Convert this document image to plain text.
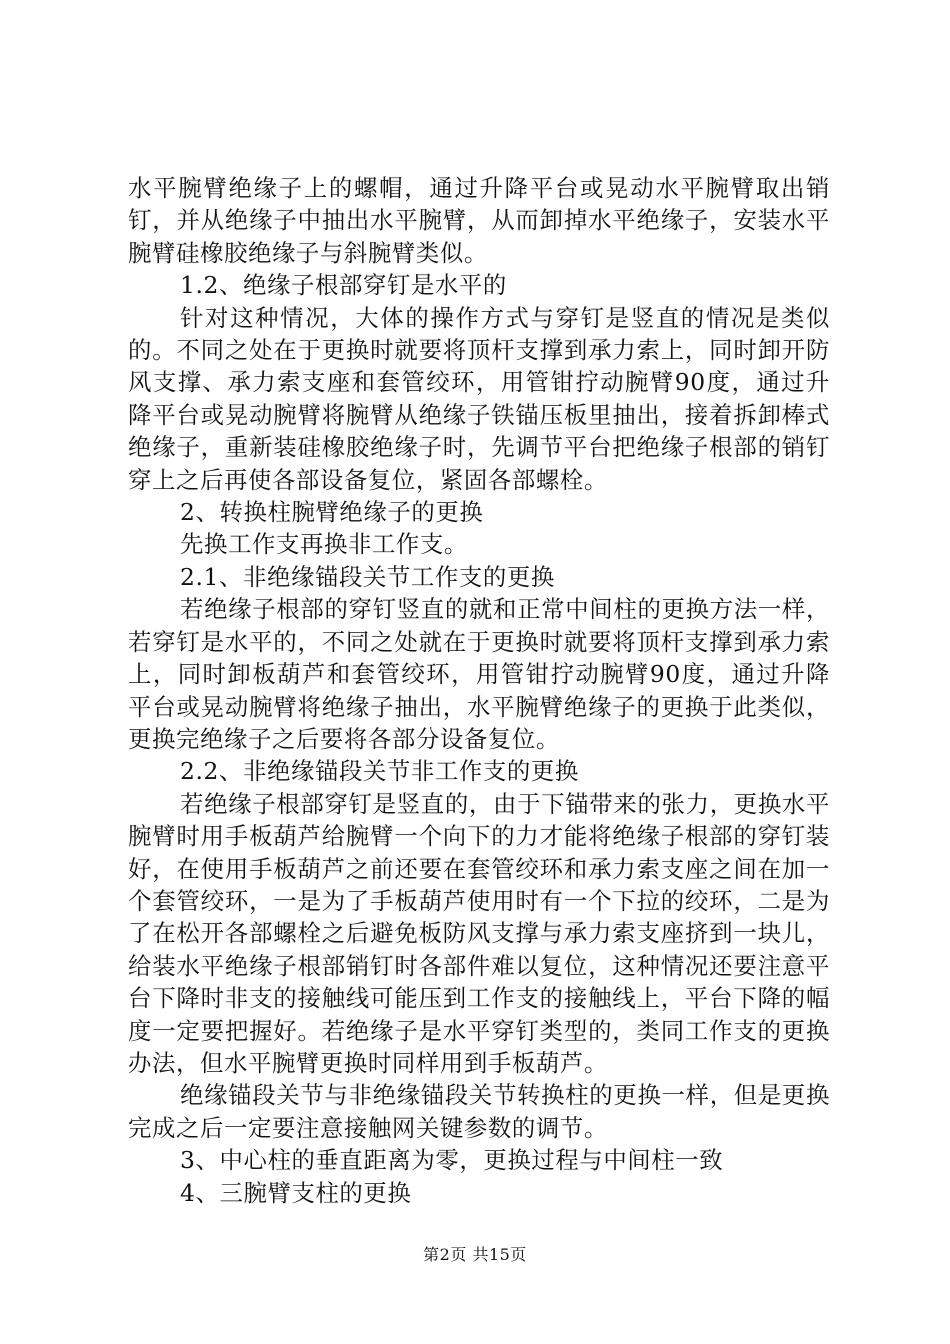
水平腕臂绝缘子上的螺帽，通过升降平台或晃动水平腕臂取出销钉，并从绝缘子中抽出水平腕臂，从而卸掉水平绝缘子，安装水平腕臂硅橡胶绝缘子与斜腕臂类似。

1.2、绝缘子根部穿钉是水平的

针对这种情况，大体的操作方式与穿钉是竖直的情况是类似的。不同之处在于更换时就要将顶杆支撑到承力索上，同时卸开防风支撑、承力索支座和套管绞环，用管钳拧动腕臂90度，通过升降平台或晃动腕臂将腕臂从绝缘子铁锚压板里抽出，接着拆卸棒式绝缘子，重新装硅橡胶绝缘子时，先调节平台把绝缘子根部的销钉穿上之后再使各部设备复位，紧固各部螺栓。

2、转换柱腕臂绝缘子的更换

先换工作支再换非工作支。

2.1、非绝缘锚段关节工作支的更换

若绝缘子根部的穿钉竖直的就和正常中间柱的更换方法一样，若穿钉是水平的，不同之处就在于更换时就要将顶杆支撑到承力索上，同时卸板葫芦和套管绞环，用管钳拧动腕臂90度，通过升降平台或晃动腕臂将绝缘子抽出，水平腕臂绝缘子的更换于此类似，更换完绝缘子之后要将各部分设备复位。

2.2、非绝缘锚段关节非工作支的更换

若绝缘子根部穿钉是竖直的，由于下锚带来的张力，更换水平腕臂时用手板葫芦给腕臂一个向下的力才能将绝缘子根部的穿钉装好，在使用手板葫芦之前还要在套管绞环和承力索支座之间在加一个套管绞环，一是为了手板葫芦使用时有一个下拉的绞环，二是为了在松开各部螺栓之后避免板防风支撑与承力索支座挤到一块儿，给装水平绝缘子根部销钉时各部件难以复位，这种情况还要注意平台下降时非支的接触线可能压到工作支的接触线上，平台下降的幅度一定要把握好。若绝缘子是水平穿钉类型的，类同工作支的更换办法，但水平腕臂更换时同样用到手板葫芦。

绝缘锚段关节与非绝缘锚段关节转换柱的更换一样，但是更换完成之后一定要注意接触网关键参数的调节。

3、中心柱的垂直距离为零，更换过程与中间柱一致

4、三腕臂支柱的更换

第2页 共15页
